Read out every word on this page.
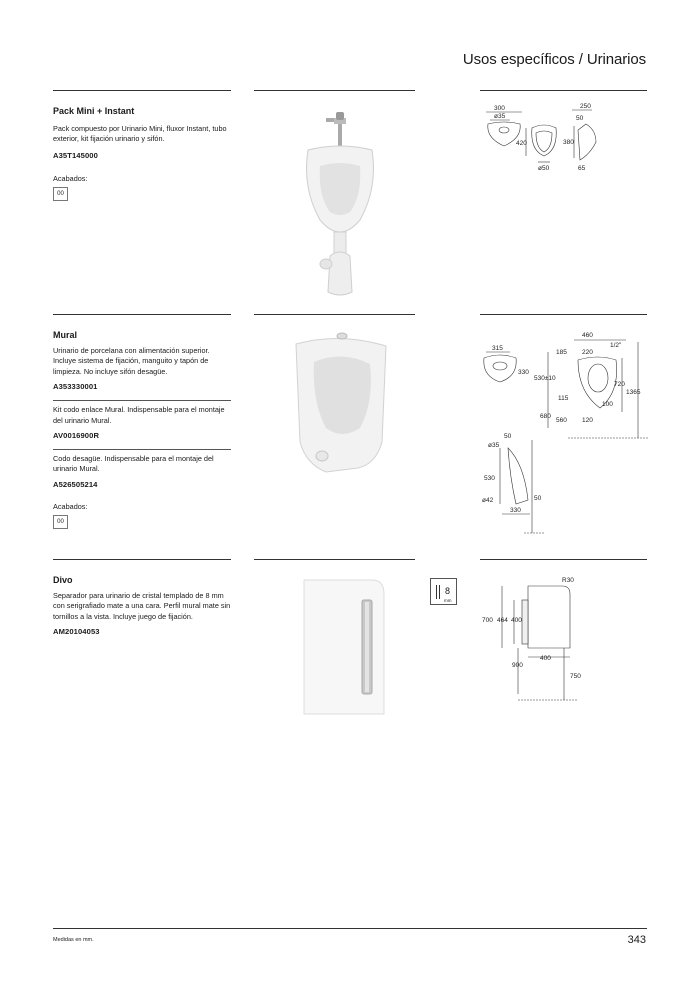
Usos específicos / Urinarios
Pack Mini + Instant
Pack compuesto por Urinario Mini, fluxor Instant, tubo exterior, kit fijación urinario y sifón.
A35T145000
Acabados:
00
300
ø35
420
ø50
250
50
380
65
Mural
Urinario de porcelana con alimentación superior. Incluye sistema de fijación, manguito y tapón de limpieza. No incluye sifón desagüe.
A353330001
Kit codo enlace Mural. Indispensable para el montaje del urinario Mural.
AV0016900R
Codo desagüe. Indispensable para el montaje del urinario Mural.
A526505214
Acabados:
00
460
1/2"
315
330
185 220
530±10
720
1365
115
100
680
560 120
50
ø35
530
ø42	50
330
Divo
Separador para urinario de cristal templado de 8 mm con serigrafiado mate a una cara. Perfil mural mate sin tornillos a la vista. Incluye juego de fijación.
AM20104053
8
mm
R30
700 464 400
900
400
750
Medidas en mm.	343
